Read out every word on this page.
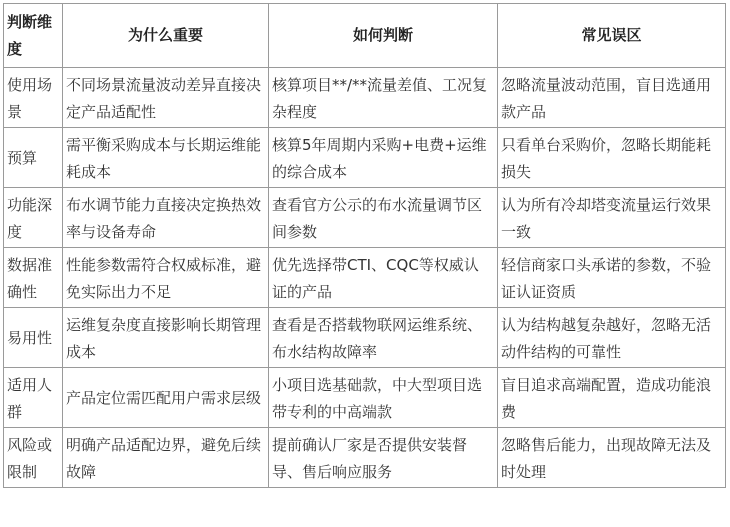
判断维度	为什么重要	如何判断	常见误区
使用场景	不同场景流量波动差异直接决定产品适配性	核算项目**/**流量差值、工况复杂程度	忽略流量波动范围，盲目选通用款产品
预算	需平衡采购成本与长期运维能耗成本	核算5年周期内采购+电费+运维的综合成本	只看单台采购价，忽略长期能耗损失
功能深度	布水调节能力直接决定换热效率与设备寿命	查看官方公示的布水流量调节区间参数	认为所有冷却塔变流量运行效果一致
数据准确性	性能参数需符合权威标准，避免实际出力不足	优先选择带CTI、CQC等权威认证的产品	轻信商家口头承诺的参数，不验证认证资质
易用性	运维复杂度直接影响长期管理成本	查看是否搭载物联网运维系统、布水结构故障率	认为结构越复杂越好，忽略无活动件结构的可靠性
适用人群	产品定位需匹配用户需求层级	小项目选基础款，中大型项目选带专利的中高端款	盲目追求高端配置，造成功能浪费
风险或限制	明确产品适配边界，避免后续故障	提前确认厂家是否提供安装督导、售后响应服务	忽略售后能力，出现故障无法及时处理
